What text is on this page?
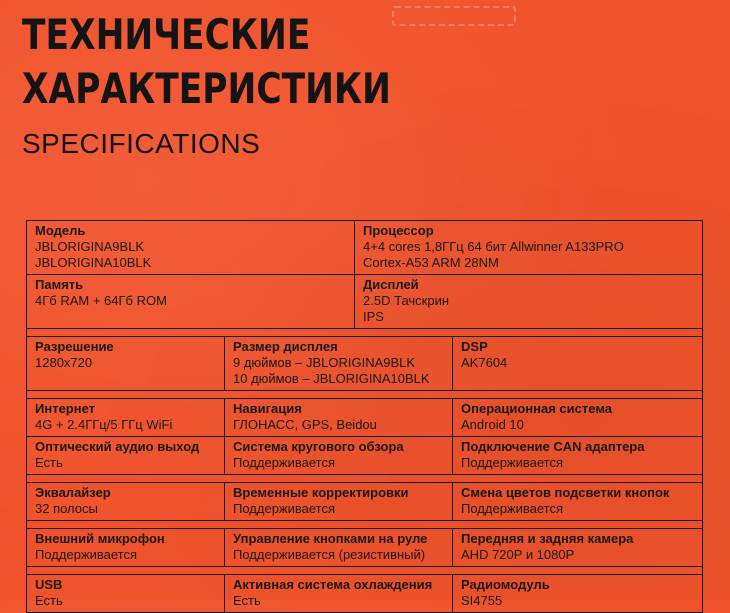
ТЕХНИЧЕСКИЕ
ХАРАКТЕРИСТИКИ
SPECIFICATIONS
Модель
JBLORIGINA9BLK
JBLORIGINA10BLK		Процессор
4+4 cores 1,8ГГц 64 бит Allwinner A133PRO
Cortex-A53 ARM 28NM	

Память
4Гб RAM + 64Гб ROM		Дисплей
2.5D Тачскрин
IPS	

Разрешение
1280x720	Размер дисплея
9 дюймов – JBLORIGINA9BLK
10 дюймов – JBLORIGINA10BLK		DSP
AK7604

Интернет
4G + 2.4ГГц/5 ГГц WiFi	Навигация
ГЛОНАСС, GPS, Beidou		Операционная система
Android 10

Оптический аудио выход
Есть	Система кругового обзора
Поддерживается		Подключение CAN адаптера
Поддерживается

Эквалайзер
32 полосы	Временные корректировки
Поддерживается		Смена цветов подсветки кнопок
Поддерживается

Внешний микрофон
Поддерживается	Управление кнопками на руле
Поддерживается (резистивный)		Передняя и задняя камера
AHD 720P и 1080P

USB
Есть	Активная система охлаждения
Есть		Радиомодуль
SI4755
